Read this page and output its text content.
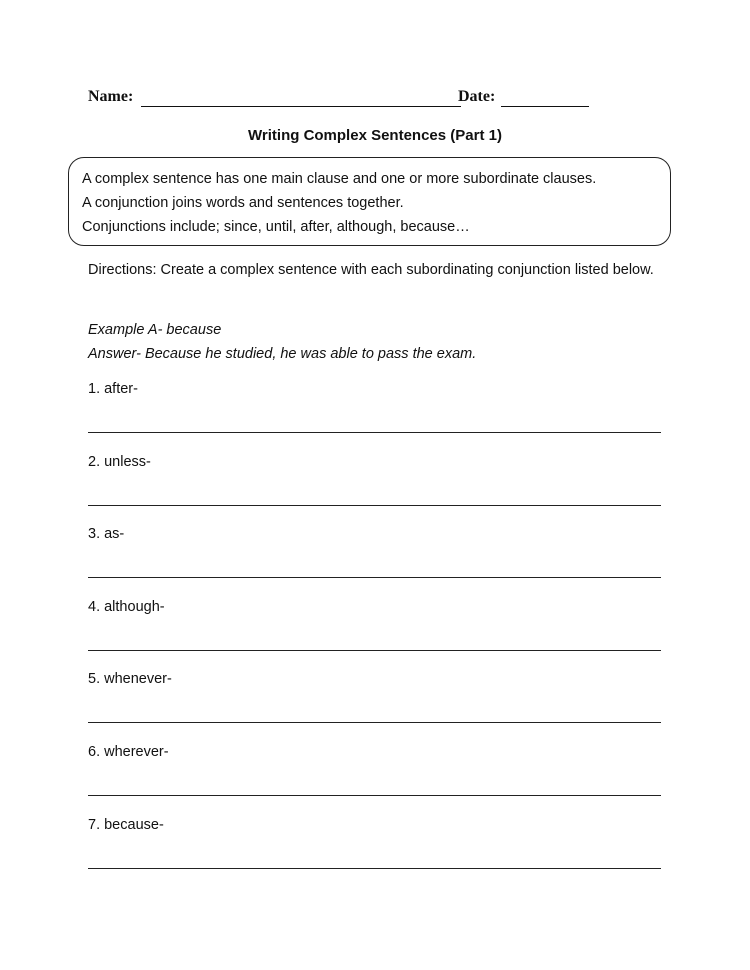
Name:	Date:
Writing Complex Sentences (Part 1)
A complex sentence has one main clause and one or more subordinate clauses.
A conjunction joins words and sentences together.
Conjunctions include; since, until, after, although, because…
Directions: Create a complex sentence with each subordinating conjunction listed below.
Example A- because
Answer- Because he studied, he was able to pass the exam.
1. after-
2. unless-
3. as-
4. although-
5. whenever-
6. wherever-
7. because-
